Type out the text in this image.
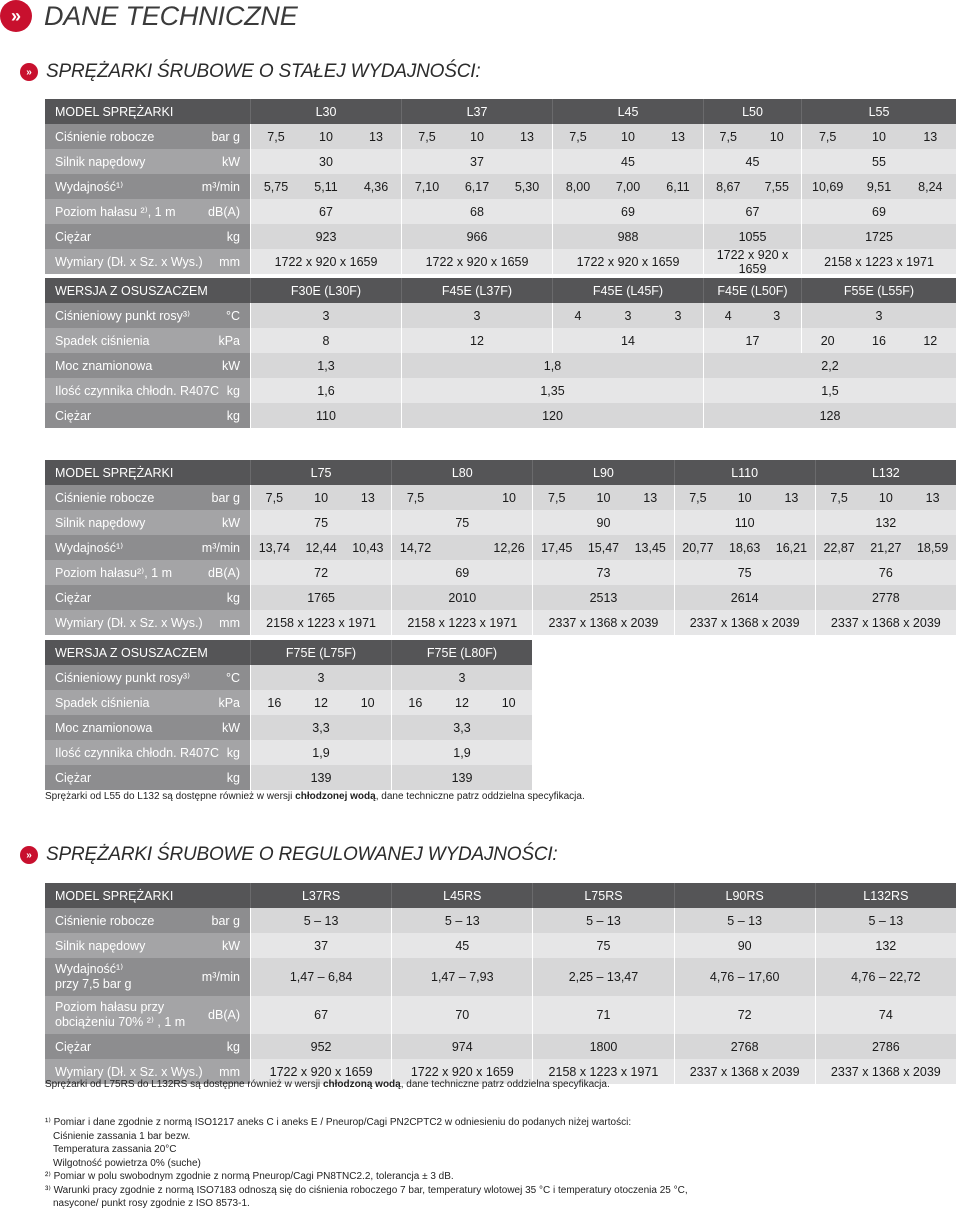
» DANE TECHNICZNE
» SPRĘŻARKI ŚRUBOWE O STAŁEJ WYDAJNOŚCI:
MODEL SPRĘŻARKI	L30	L37	L45	L50	L55
Ciśnienie robocze	bar g	7,5	10	13	7,5	10	13	7,5	10	13	7,5	10	7,5	10	13
Silnik napędowy	kW	30	37	45	45	55
Wydajność¹⁾	m³/min	5,75	5,11	4,36	7,10	6,17	5,30	8,00	7,00	6,11	8,67	7,55	10,69	9,51	8,24
Poziom hałasu ²⁾, 1 m	dB(A)	67	68	69	67	69
Ciężar	kg	923	966	988	1055	1725
Wymiary (Dł. x Sz. x Wys.) mm	1722 x 920 x 1659	1722 x 920 x 1659	1722 x 920 x 1659	1722 x 920 x 1659	2158 x 1223 x 1971
WERSJA Z OSUSZACZEM	F30E (L30F)	F45E (L37F)	F45E (L45F)	F45E (L50F)	F55E (L55F)
Ciśnieniowy punkt rosy³⁾	°C	3	3	4	3	3	4	3	3
Spadek ciśnienia	kPa	8	12	14	17	20	16	12
Moc znamionowa	kW	1,3	1,8	2,2
Ilość czynnika chłodn. R407C kg	1,6	1,35	1,5
Ciężar	kg	110	120	128
MODEL SPRĘŻARKI	L75	L80	L90	L110	L132
Ciśnienie robocze	bar g	7,5	10	13	7,5	10	7,5	10	13	7,5	10	13	7,5	10	13
Silnik napędowy	kW	75	75	90	110	132
Wydajność¹⁾	m³/min	13,74	12,44	10,43	14,72	12,26	17,45	15,47	13,45	20,77	18,63	16,21	22,87	21,27	18,59
Poziom hałasu²⁾, 1 m	dB(A)	72	69	73	75	76
Ciężar	kg	1765	2010	2513	2614	2778
Wymiary (Dł. x Sz. x Wys.) mm	2158 x 1223 x 1971	2158 x 1223 x 1971	2337 x 1368 x 2039	2337 x 1368 x 2039	2337 x 1368 x 2039
WERSJA Z OSUSZACZEM	F75E (L75F)	F75E (L80F)
Ciśnieniowy punkt rosy³⁾	°C	3	3
Spadek ciśnienia	kPa	16	12	10	16	12	10
Moc znamionowa	kW	3,3	3,3
Ilość czynnika chłodn. R407C kg	1,9	1,9
Ciężar	kg	139	139
Sprężarki od L55 do L132 są dostępne również w wersji chłodzonej wodą, dane techniczne patrz oddzielna specyfikacja.
» SPRĘŻARKI ŚRUBOWE O REGULOWANEJ WYDAJNOŚCI:
MODEL SPRĘŻARKI	L37RS	L45RS	L75RS	L90RS	L132RS
Ciśnienie robocze	bar g	5 – 13	5 – 13	5 – 13	5 – 13	5 – 13
Silnik napędowy	kW	37	45	75	90	132
Wydajność¹⁾
przy 7,5 bar g
m³/min	1,47 – 6,84	1,47 – 7,93	2,25 – 13,47	4,76 – 17,60	4,76 – 22,72
Poziom hałasu przy
obciążeniu 70% ²⁾ , 1 m
dB(A)	67	70	71	72	74
Ciężar	kg	952	974	1800	2768	2786
Wymiary (Dł. x Sz. x Wys.) mm	1722 x 920 x 1659	1722 x 920 x 1659	2158 x 1223 x 1971	2337 x 1368 x 2039	2337 x 1368 x 2039
Sprężarki od L75RS do L132RS są dostępne również w wersji chłodzoną wodą, dane techniczne patrz oddzielna specyfikacja.
¹⁾ Pomiar i dane zgodnie z normą ISO1217 aneks C i aneks E / Pneurop/Cagi PN2CPTC2 w odniesieniu do podanych niżej wartości:
Ciśnienie zassania 1 bar bezw.
Temperatura zassania 20°C
Wilgotność powietrza 0% (suche)
²⁾ Pomiar w polu swobodnym zgodnie z normą Pneurop/Cagi PN8TNC2.2, tolerancja ± 3 dB.
³⁾ Warunki pracy zgodnie z normą ISO7183 odnoszą się do ciśnienia roboczego 7 bar, temperatury wlotowej 35 °C i temperatury otoczenia 25 °C,
nasycone/ punkt rosy zgodnie z ISO 8573-1.
